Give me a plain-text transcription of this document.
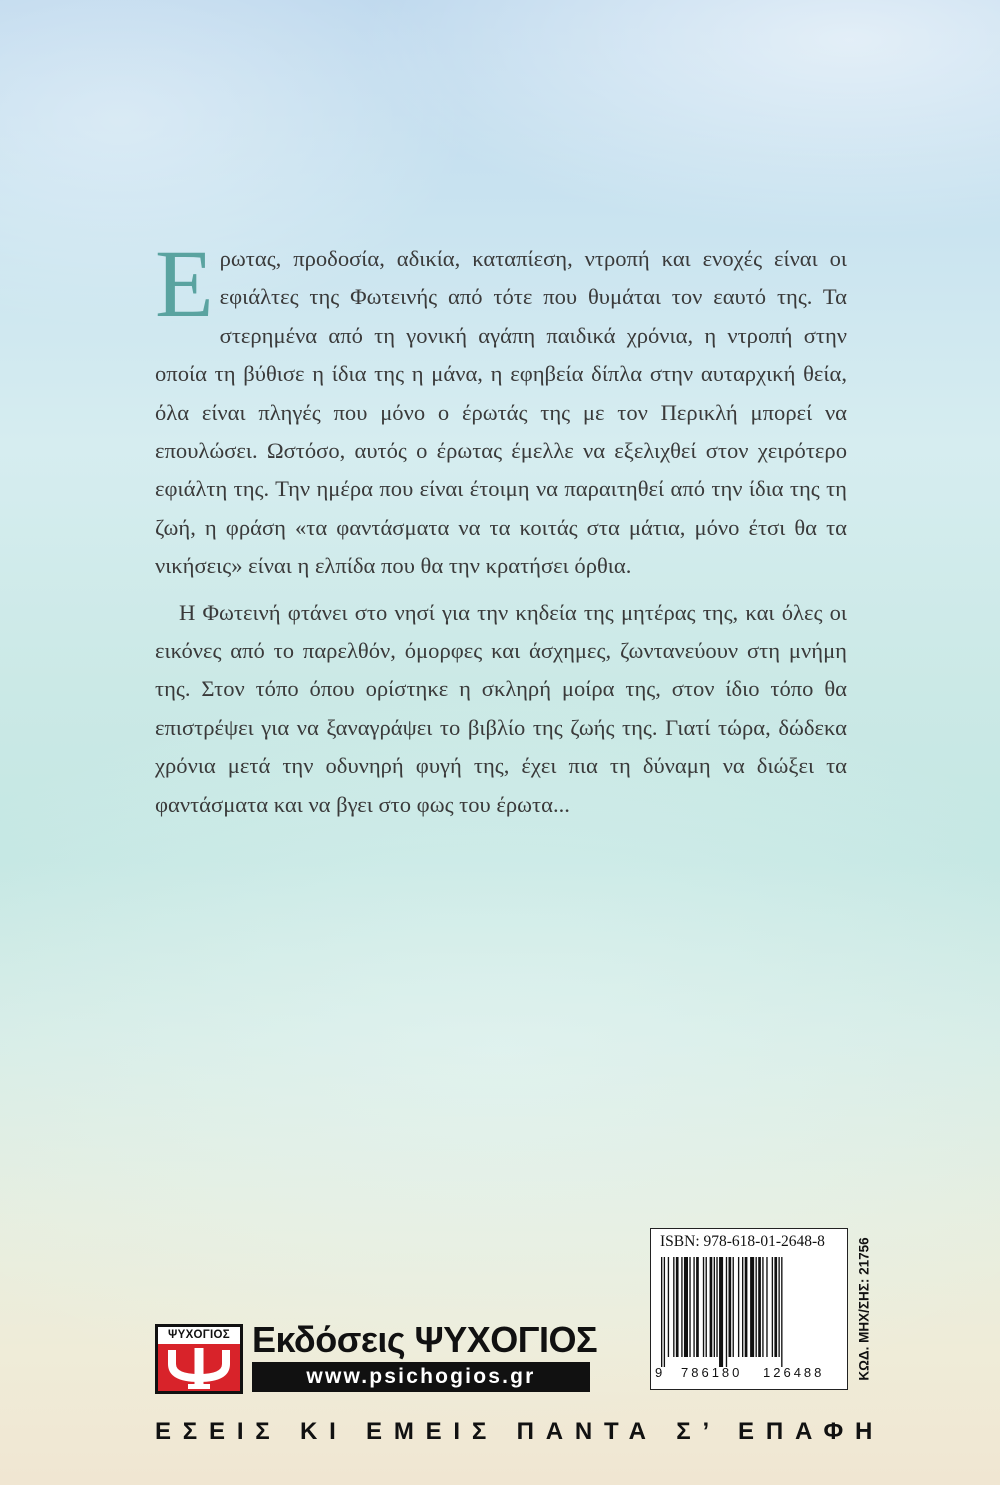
Ερωτας, προδοσία, αδικία, καταπίεση, ντροπή και ενοχές είναι οι εφιάλτες της Φωτεινής από τότε που θυμάται τον εαυτό της. Τα στερημένα από τη γονική αγάπη παιδικά χρόνια, η ντροπή στην οποία τη βύθισε η ίδια της η μάνα, η εφηβεία δίπλα στην αυταρχική θεία, όλα είναι πληγές που μόνο ο έρωτάς της με τον Περικλή μπορεί να επουλώσει. Ωστόσο, αυτός ο έρωτας έμελλε να εξελιχθεί στον χειρότερο εφιάλτη της. Την ημέρα που είναι έτοιμη να παραιτηθεί από την ίδια της τη ζωή, η φράση «τα φαντάσματα να τα κοιτάς στα μάτια, μόνο έτσι θα τα νικήσεις» είναι η ελπίδα που θα την κρατήσει όρθια.

Η Φωτεινή φτάνει στο νησί για την κηδεία της μητέρας της, και όλες οι εικόνες από το παρελθόν, όμορφες και άσχημες, ζωντανεύουν στη μνήμη της. Στον τόπο όπου ορίστηκε η σκληρή μοίρα της, στον ίδιο τόπο θα επιστρέψει για να ξαναγράψει το βιβλίο της ζωής της. Γιατί τώρα, δώδεκα χρόνια μετά την οδυνηρή φυγή της, έχει πια τη δύναμη να διώξει τα φαντάσματα και να βγει στο φως του έρωτα...

ISBN: 978-618-01-2648-8
9 786180 126488 ΚΩΔ. ΜΗΧ/ΣΗΣ: 21756
ΨΥΧΟΓΙΟΣ Εκδόσεις ΨΥΧΟΓΙΟΣ
www.psichogios.gr
ΕΣΕΙΣ ΚΙ ΕΜΕΙΣ ΠΑΝΤΑ Σ’ ΕΠΑΦΗ
